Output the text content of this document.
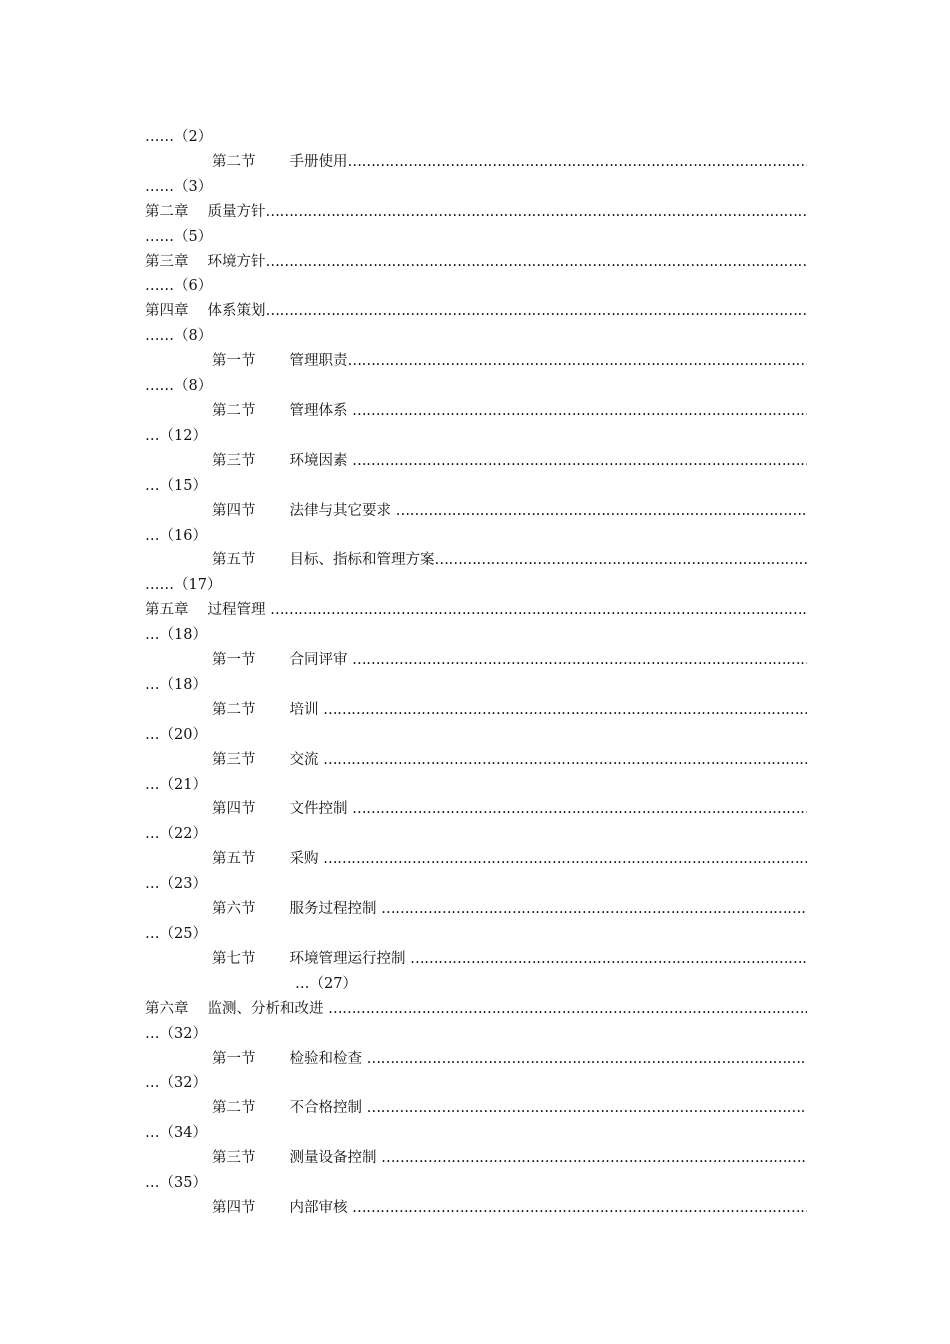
……（2）
第二节 手册使用
…………………………………………………………………………………………………………………………………………………………………………
……（3）
第二章 质量方针
…………………………………………………………………………………………………………………………………………………………………………
……（5）
第三章 环境方针
…………………………………………………………………………………………………………………………………………………………………………
……（6）
第四章 体系策划
…………………………………………………………………………………………………………………………………………………………………………
……（8）
第一节 管理职责
…………………………………………………………………………………………………………………………………………………………………………
……（8）
第二节 管理体系
…………………………………………………………………………………………………………………………………………………………………………
…（12）
第三节 环境因素
…………………………………………………………………………………………………………………………………………………………………………
…（15）
第四节 法律与其它要求
…………………………………………………………………………………………………………………………………………………………………………
…（16）
第五节 目标、指标和管理方案
…………………………………………………………………………………………………………………………………………………………………………
……（17）
第五章 过程管理
…………………………………………………………………………………………………………………………………………………………………………
…（18）
第一节 合同评审
…………………………………………………………………………………………………………………………………………………………………………
…（18）
第二节 培训
…………………………………………………………………………………………………………………………………………………………………………
…（20）
第三节 交流
…………………………………………………………………………………………………………………………………………………………………………
…（21）
第四节 文件控制
…………………………………………………………………………………………………………………………………………………………………………
…（22）
第五节 采购
…………………………………………………………………………………………………………………………………………………………………………
…（23）
第六节 服务过程控制
…………………………………………………………………………………………………………………………………………………………………………
…（25）
第七节 环境管理运行控制
…………………………………………………………………………………………………………………………………………………………………………
…（27）
第六章 监测、分析和改进
…………………………………………………………………………………………………………………………………………………………………………
…（32）
第一节 检验和检查
…………………………………………………………………………………………………………………………………………………………………………
…（32）
第二节 不合格控制
…………………………………………………………………………………………………………………………………………………………………………
…（34）
第三节 测量设备控制
…………………………………………………………………………………………………………………………………………………………………………
…（35）
第四节 内部审核
…………………………………………………………………………………………………………………………………………………………………………
